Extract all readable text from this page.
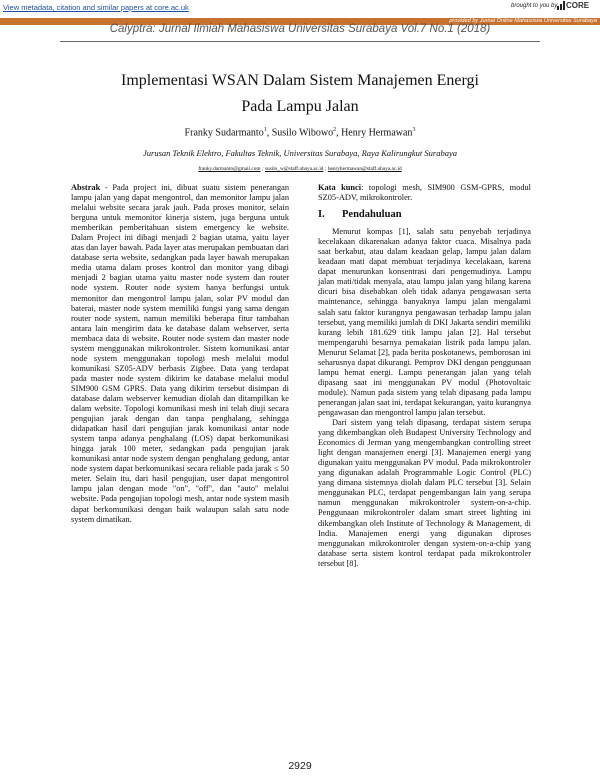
View metadata, citation and similar papers at core.ac.uk	brought to you by CORE
provided by Jurnal Online Mahasiswa Universitas Surabaya
Calyptra: Jurnal Ilmiah Mahasiswa Universitas Surabaya Vol.7 No.1 (2018)
Implementasi WSAN Dalam Sistem Manajemen Energi
Pada Lampu Jalan
Franky Sudarmanto$^1$, Susilo Wibowo$^2$, Henry Hermawan$^3$
Jurusan Teknik Elektro, Fakultas Teknik, Universitas Surabaya, Raya Kalirungkut Surabaya
franky.darmanto@gmail.com ; susilo_w@staff.ubaya.ac.id ; henryhermawan@staff.ubaya.ac.id

Abstrak - Pada project ini, dibuat suatu sistem penerangan lampu jalan yang dapat mengontrol, dan memonitor lampu jalan melalui website secara jarak jauh. Pada proses monitor, selain berguna untuk memonitor kinerja sistem, juga berguna untuk memberikan pemberitahuan sistem emergency ke website. Dalam Project ini dibagi menjadi 2 bagian utama, yaitu layer atas dan layer bawah. Pada layer atas merupakan pembuatan dari database serta website, sedangkan pada layer bawah merupakan media utama dalam proses kontrol dan monitor yang dibagi menjadi 2 bagian utama yaitu master node system dan router node system. Router node system hanya berfungsi untuk memonitor dan mengontrol lampu jalan, solar PV modul dan baterai, master node system memiliki fungsi yang sama dengan router node system, namun memiliki beberapa fitur tambahan antara lain mengirim data ke database dalam webserver, serta membaca data di website. Router node system dan master node system menggunakan mikrokontroler. Sistem komunikasi antar node system menggunakan topologi mesh melalui modul komunikasi SZ05-ADV berbasis Zigbee. Data yang terdapat pada master node system dikirim ke database melalui modul SIM900 GSM GPRS. Data yang dikirim tersebut disimpan di database dalam webserver kemudian diolah dan ditampilkan ke dalam website. Topologi komunikasi mesh ini telah diuji secara pengujian jarak dengan dan tanpa penghalang, sehingga didapatkan hasil dari pengujian jarak komunikasi antar node system tanpa adanya penghalang (LOS) dapat berkomunikasi hingga jarak 100 meter, sedangkan pada pengujian jarak komunikasi antar node system dengan penghalang gedung, antar node system dapat berkomunikasi secara reliable pada jarak ≤ 50 meter. Selain itu, dari hasil pengujian, user dapat mengontrol lampu jalan dengan mode "on", "off", dan "auto" melalui website. Pada pengujian topologi mesh, antar node system masih dapat berkomunikasi dengan baik walaupun salah satu node system dimatikan.

Kata kunci: topologi mesh, SIM900 GSM-GPRS, modul SZ05-ADV, mikrokontroler.

I. Pendahuluan

Menurut kompas [1], salah satu penyebab terjadinya kecelakaan dikarenakan adanya faktor cuaca. Misalnya pada saat berkabut, atau dalam keadaan gelap, lampu jalan dalam keadaan mati dapat membuat terjadinya kecelakaan, karena dapat menurunkan konsentrasi dari pengemudinya. Lampu jalan mati/tidak menyala, atau lampu jalan yang hilang karena dicuri bisa disebabkan oleh tidak adanya pengawasan serta maintenance, sehingga banyaknya lampu jalan mengalami salah satu faktor kurangnya pengawasan terhadap lampu jalan tersebut, yang memiliki jumlah di DKI Jakarta sendiri memiliki kurang lebih 181.629 titik lampu jalan [2]. Hal tersebut mempengaruhi besarnya pemakaian listrik pada lampu jalan. Menurut Selamat [2], pada berita poskotanews, pemborosan ini seharusnya dapat dikurangi. Pemprov DKI dengan penggunaan lampu hemat energi. Lampu penerangan jalan yang telah dipasang saat ini menggunakan PV modul (Photovoltaic module). Namun pada sistem yang telah dipasang pada lampu penerangan jalan saat ini, terdapat kekurangan, yaitu kurangnya pengawasan dan mengontrol lampu jalan tersebut.

Dari sistem yang telah dipasang, terdapat sistem serupa yang dikembangkan oleh Budapest University Technology and Economics di Jerman yang mengembangkan controlling street light dengan manajemen energi [3]. Manajemen energi yang digunakan yaitu menggunakan PV modul. Pada mikrokontroler yang digunakan adalah Programmable Logic Control (PLC) yang dimana sistemnya diolah dalam PLC tersebut [3]. Selain menggunakan PLC, terdapat pengembangan lain yang serupa namun menggunakan mikrokontroler system-on-a-chip. Penggunaan mikrokontroler dalam smart street lighting ini dikembangkan oleh Institute of Technology & Management, di India. Manajemen energi yang digunakan diproses menggunakan mikrokontroler dengan system-on-a-chip yang database serta sistem kontrol terdapat pada mikrokontroler tersebut [8].

2929
